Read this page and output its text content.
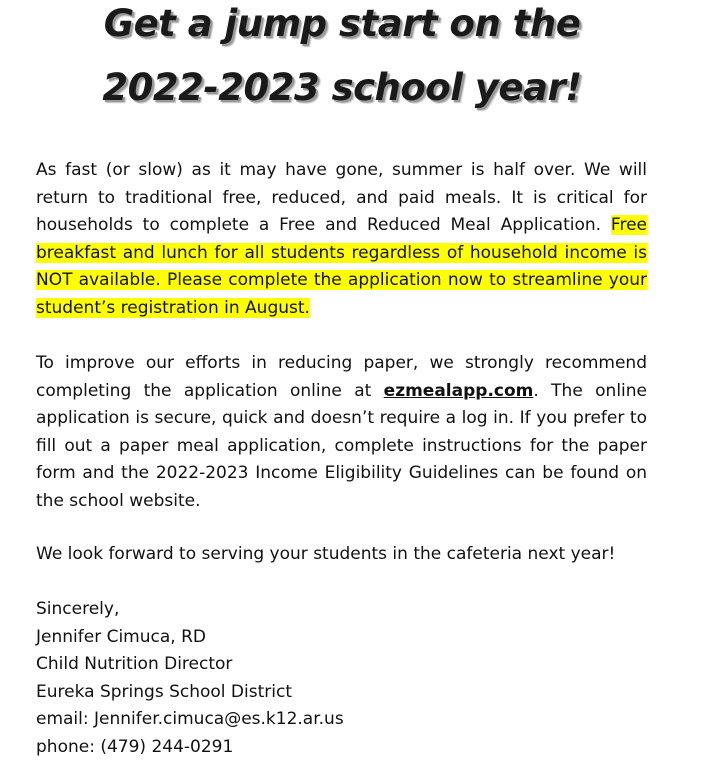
Get a jump start on the
2022-2023 school year!
As fast (or slow) as it may have gone, summer is half over. We will return to traditional free, reduced, and paid meals. It is critical for households to complete a Free and Reduced Meal Application. Free breakfast and lunch for all students regardless of household income is NOT available. Please complete the application now to streamline your student’s registration in August.
To improve our efforts in reducing paper, we strongly recommend completing the application online at ezmealapp.com. The online application is secure, quick and doesn’t require a log in. If you prefer to fill out a paper meal application, complete instructions for the paper form and the 2022-2023 Income Eligibility Guidelines can be found on the school website.
We look forward to serving your students in the cafeteria next year!
Sincerely,
Jennifer Cimuca, RD
Child Nutrition Director
Eureka Springs School District
email: Jennifer.cimuca@es.k12.ar.us
phone: (479) 244-0291
